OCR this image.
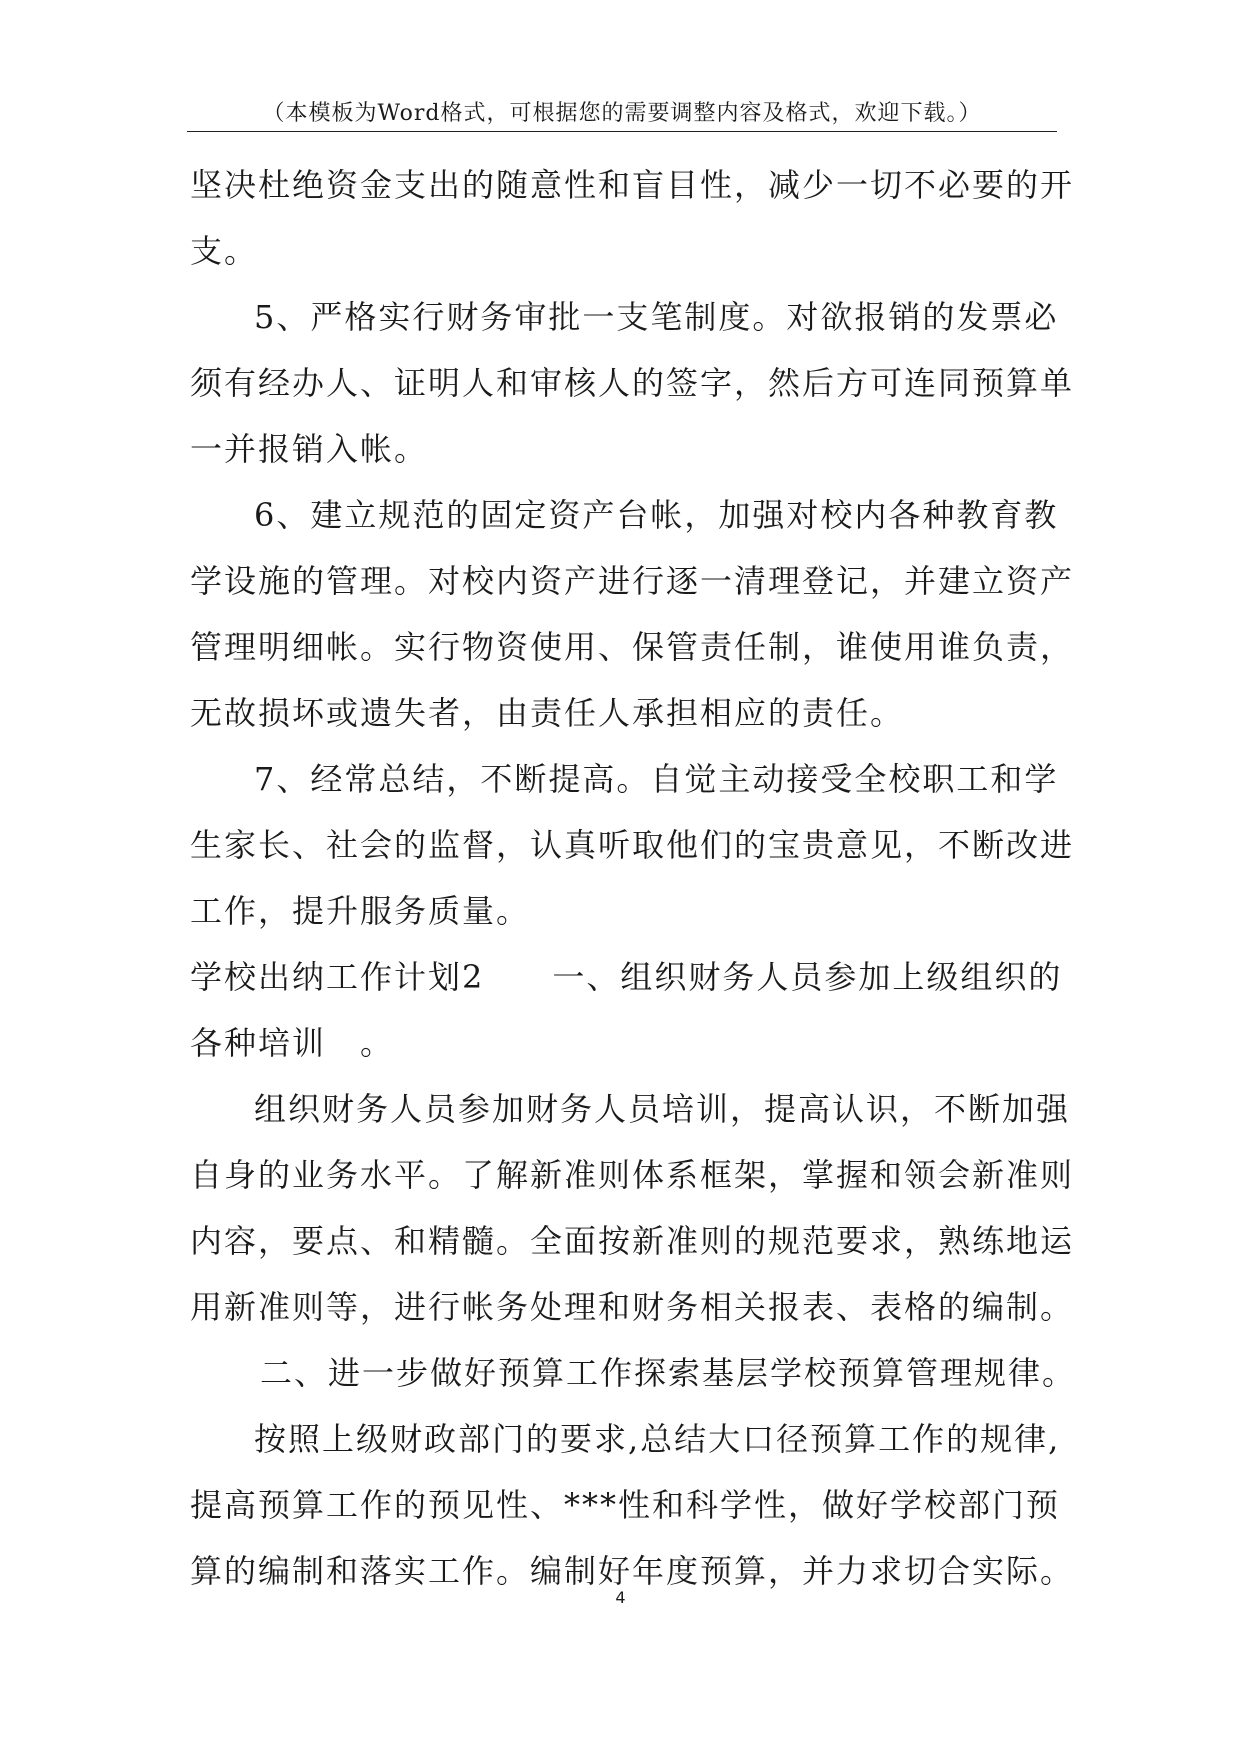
（本模板为Word格式，可根据您的需要调整内容及格式，欢迎下载。）

坚决杜绝资金支出的随意性和盲目性，减少一切不必要的开
支。

5、严格实行财务审批一支笔制度。对欲报销的发票必
须有经办人、证明人和审核人的签字，然后方可连同预算单
一并报销入帐。

6、建立规范的固定资产台帐，加强对校内各种教育教
学设施的管理。对校内资产进行逐一清理登记，并建立资产
管理明细帐。实行物资使用、保管责任制，谁使用谁负责，
无故损坏或遗失者，由责任人承担相应的责任。

7、经常总结，不断提高。自觉主动接受全校职工和学
生家长、社会的监督，认真听取他们的宝贵意见，不断改进
工作，提升服务质量。

学校出纳工作计划2　　一、组织财务人员参加上级组织的
各种培训　。

组织财务人员参加财务人员培训，提高认识，不断加强
自身的业务水平。了解新准则体系框架，掌握和领会新准则
内容，要点、和精髓。全面按新准则的规范要求，熟练地运
用新准则等，进行帐务处理和财务相关报表、表格的编制。

二、进一步做好预算工作探索基层学校预算管理规律。

按照上级财政部门的要求,总结大口径预算工作的规律,
提高预算工作的预见性、***性和科学性，做好学校部门预
算的编制和落实工作。编制好年度预算，并力求切合实际。

4
